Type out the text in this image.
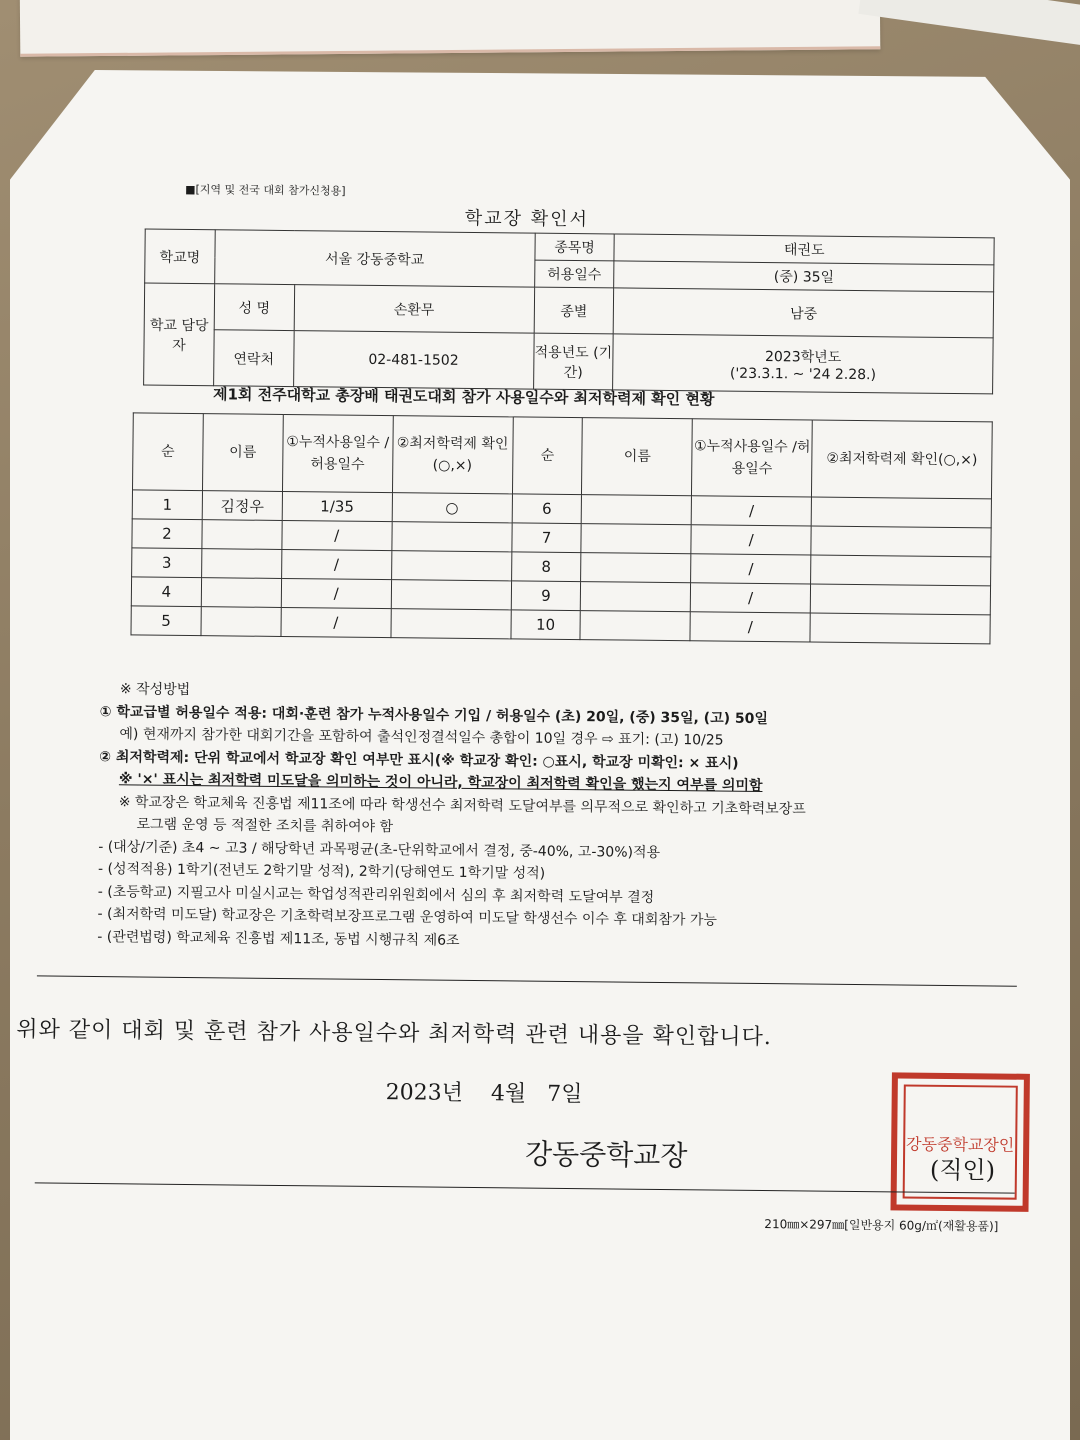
■[지역 및 전국 대회 참가신청용]
학교장 확인서
학교명	서울 강동중학교		종목명	태권도
			허용일수	(중) 35일
학교 담당자	성 명	손환무	종별	남중
	연락처	02-481-1502	적용년도 (기간)	2023학년도
('23.3.1. ~ '24 2.28.)
제1회 전주대학교 총장배 태권도대회 참가 사용일수와 최저학력제 확인 현황
순	이름	①누적사용일수 /허용일수	②최저학력제 확인(○,×)	순	이름	①누적사용일수 /허용일수	②최저학력제 확인(○,×)
1	김정우	1/35	○	6		/	
2		/		7		/	
3		/		8		/	
4		/		9		/	
5		/		10		/	
※ 작성방법
① 학교급별 허용일수 적용: 대회·훈련 참가 누적사용일수 기입 / 허용일수 (초) 20일, (중) 35일, (고) 50일
예) 현재까지 참가한 대회기간을 포함하여 출석인정결석일수 총합이 10일 경우 ⇨ 표기: (고) 10/25
② 최저학력제: 단위 학교에서 학교장 확인 여부만 표시(※ 학교장 확인: ○표시, 학교장 미확인: × 표시)
※ '×' 표시는 최저학력 미도달을 의미하는 것이 아니라, 학교장이 최저학력 확인을 했는지 여부를 의미함
※ 학교장은 학교체육 진흥법 제11조에 따라 학생선수 최저학력 도달여부를 의무적으로 확인하고 기초학력보장프
로그램 운영 등 적절한 조치를 취하여야 함
- (대상/기준) 초4 ~ 고3 / 해당학년 과목평균(초-단위학교에서 결정, 중-40%, 고-30%)적용
- (성적적용) 1학기(전년도 2학기말 성적), 2학기(당해연도 1학기말 성적)
- (초등학교) 지필고사 미실시교는 학업성적관리위원회에서 심의 후 최저학력 도달여부 결정
- (최저학력 미도달) 학교장은 기초학력보장프로그램 운영하여 미도달 학생선수 이수 후 대회참가 가능
- (관련법령) 학교체육 진흥법 제11조, 동법 시행규칙 제6조
위와 같이 대회 및 훈련 참가 사용일수와 최저학력 관련 내용을 확인합니다.
2023년    4월   7일
강동중학교장	강동중학교장인
(직인)
210㎜×297㎜[일반용지 60g/㎡(재활용품)]
